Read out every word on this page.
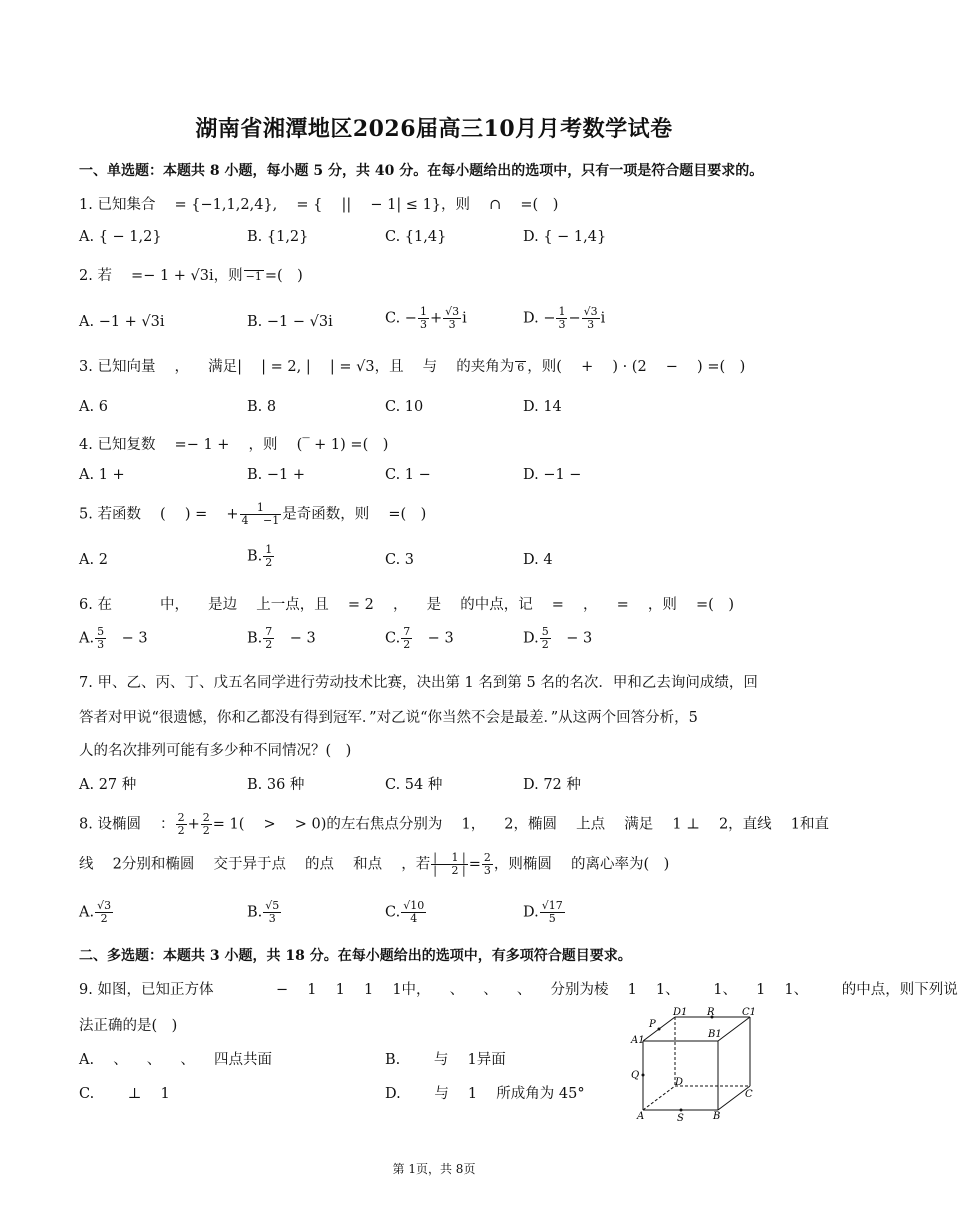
湖南省湘潭地区2026届高三10月月考数学试卷
一、单选题：本题共 8 小题，每小题 5 分，共 40 分。在每小题给出的选项中，只有一项是符合题目要求的。
1. 已知集合 　= {−1,1,2,4}, 　= { 　|| 　− 1| ≤ 1}，则 　∩ 　=(　)
A. { − 1,2}	B. {1,2}	C. {1,4}	D. { − 1,4}
2. 若 　=− 1 + √3i，则 −1 =(　)
A. −1 + √3i	B. −1 − √3i	C. − $\frac{1}{3} + \frac{√3}{3}$ i	D. − $\frac{1}{3} - \frac{√3}{3}$ i
3. 已知向量 　， 　满足| 　| = 2, | 　| = √3，且 　与 　的夹角为 6 ，则( 　+ 　) · (2 　− 　) =(　)
A. 6	B. 8	C. 10	D. 14
4. 已知复数 　=− 1 + 　，则 　(‾ + 1) =(　)
A. 1 +	B. −1 +	C. 1 −	D. −1 −
5. 若函数 　( 　) = 　+ $\frac{1}{4 -1}$ 是奇函数，则 　=(　)
A. 2	B. $\frac{1}{2}$	C. 3	D. 4
6. 在 　　　中， 　是边 　上一点，且 　= 2 　， 　是 　的中点，记 　= 　， 　= 　，则 　=(　)
A. $\frac{5}{3}$ 　− 3	B. $\frac{7}{2}$ 　− 3	C. $\frac{7}{2}$ 　− 3	D. $\frac{5}{2}$ 　− 3
7. 甲、乙、丙、丁、戊五名同学进行劳动技术比赛，决出第 1 名到第 5 名的名次．甲和乙去询问成绩，回
答者对甲说“很遗憾，你和乙都没有得到冠军．”对乙说“你当然不会是最差．”从这两个回答分析，5
人的名次排列可能有多少种不同情况？(　)
A. 27 种	B. 36 种	C. 54 种	D. 72 种
8. 设椭圆 　： $\frac{2}{2} + \frac{2}{2} = 1$( 　> 　> 0)的左右焦点分别为 　1， 　2，椭圆 　上点 　满足 　1 ⊥ 　2，直线 　1和直
线 　2分别和椭圆 　交于异于点 　的点 　和点 　，若 $\frac{| 1 |}{| 2 |} = \frac{2}{3}$ ，则椭圆 　的离心率为(　)
A. $\frac{√3}{2}$	B. $\frac{√5}{3}$	C. $\frac{√10}{4}$	D. $\frac{√17}{5}$
二、多选题：本题共 3 小题，共 18 分。在每小题给出的选项中，有多项符合题目要求。
9. 如图，已知正方体 　　　　− 　1 　1 　1 　1中， 　、 　、 　、 　分别为棱 　1 　1、 　　1、 　1 　1、 　　的中点，则下列说
法正确的是(　)
A. 　、 　、 　、 　四点共面	B. 　　与 　1异面
C. 　　⊥ 　1	D. 　　与 　1 　所成角为 45°
P
D1 R	C1
A1
B1
Q
D
C
A	S	B
第 1页，共 8页
